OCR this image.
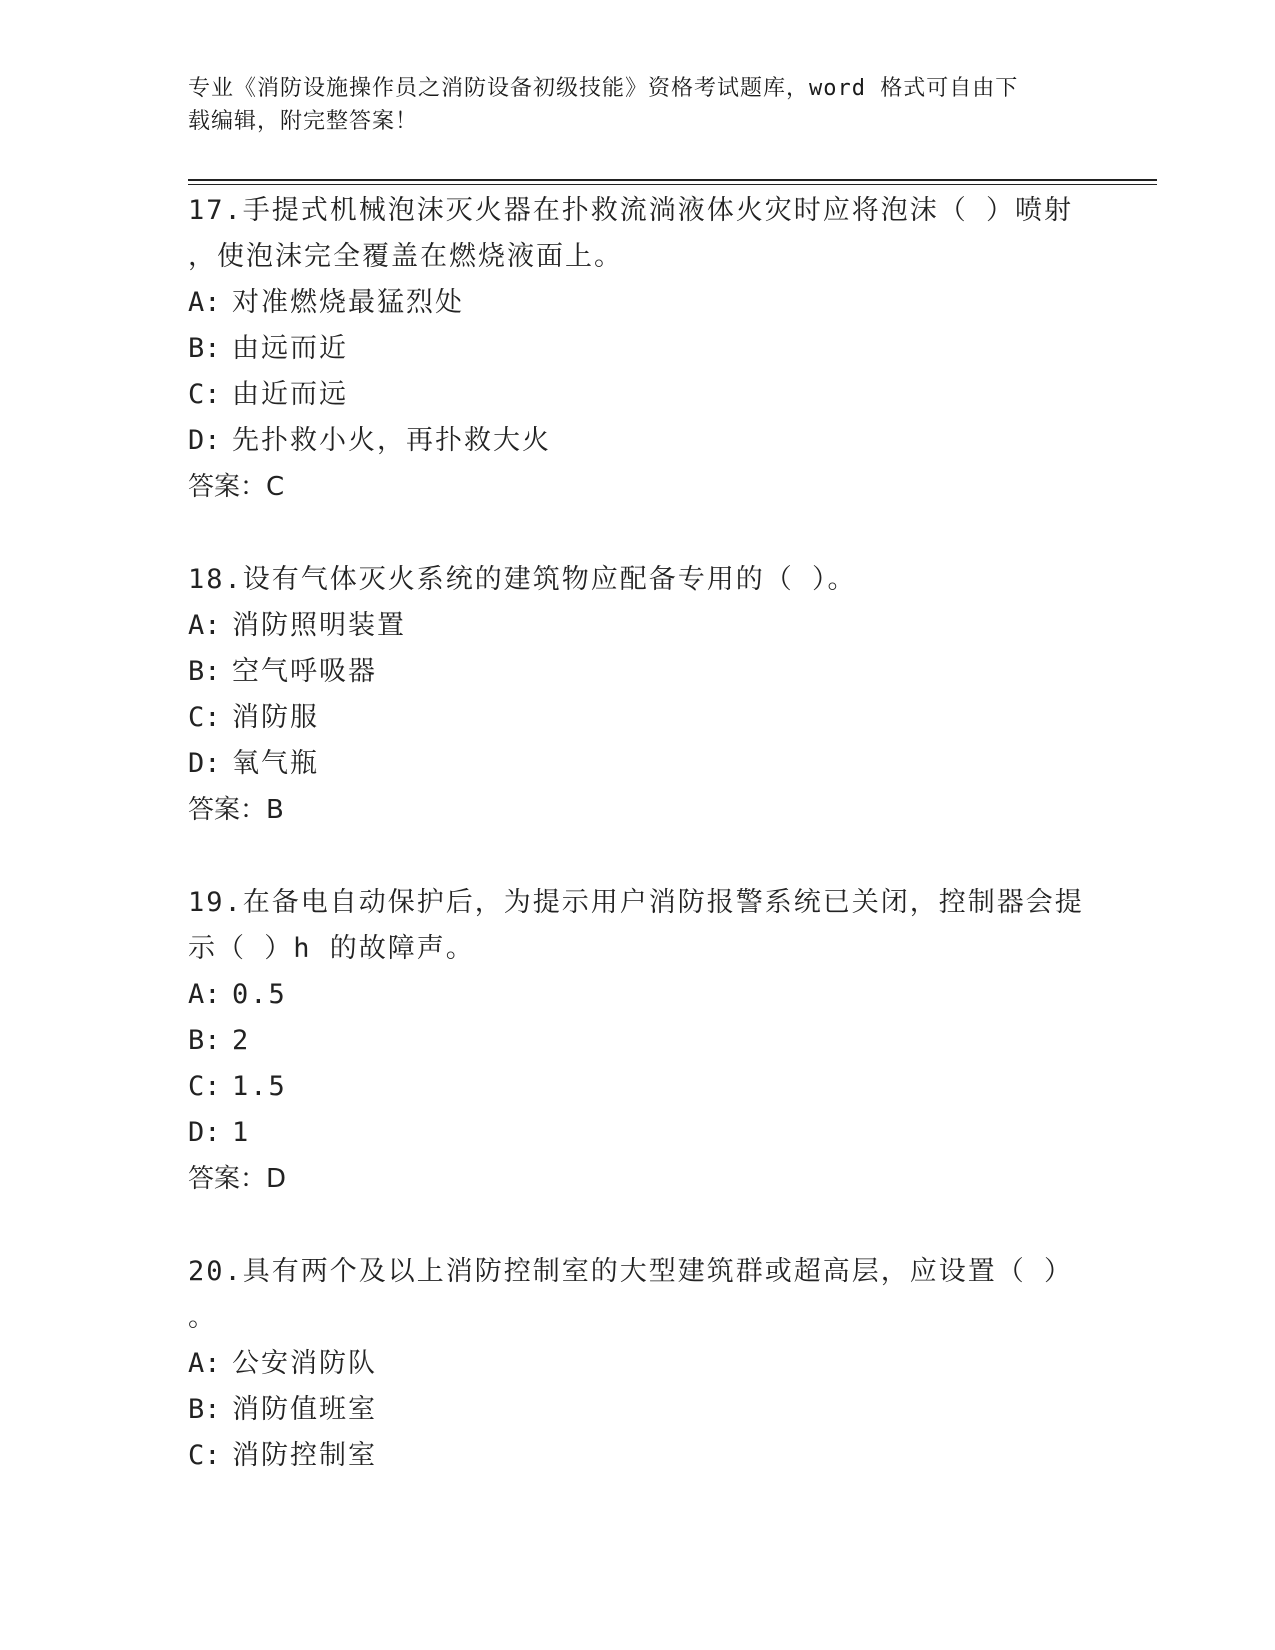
专业《消防设施操作员之消防设备初级技能》资格考试题库，word 格式可自由下
载编辑，附完整答案！
17.手提式机械泡沫灭火器在扑救流淌液体火灾时应将泡沫（ ）喷射
，使泡沫完全覆盖在燃烧液面上。
A: 对准燃烧最猛烈处
B: 由远而近
C: 由近而远
D: 先扑救小火，再扑救大火
答案：C
18.设有气体灭火系统的建筑物应配备专用的（ ）。
A: 消防照明装置
B: 空气呼吸器
C: 消防服
D: 氧气瓶
答案：B
19.在备电自动保护后，为提示用户消防报警系统已关闭，控制器会提
示（ ）h 的故障声。
A: 0.5
B: 2
C: 1.5
D: 1
答案：D
20.具有两个及以上消防控制室的大型建筑群或超高层，应设置（ ）
。
A: 公安消防队
B: 消防值班室
C: 消防控制室
